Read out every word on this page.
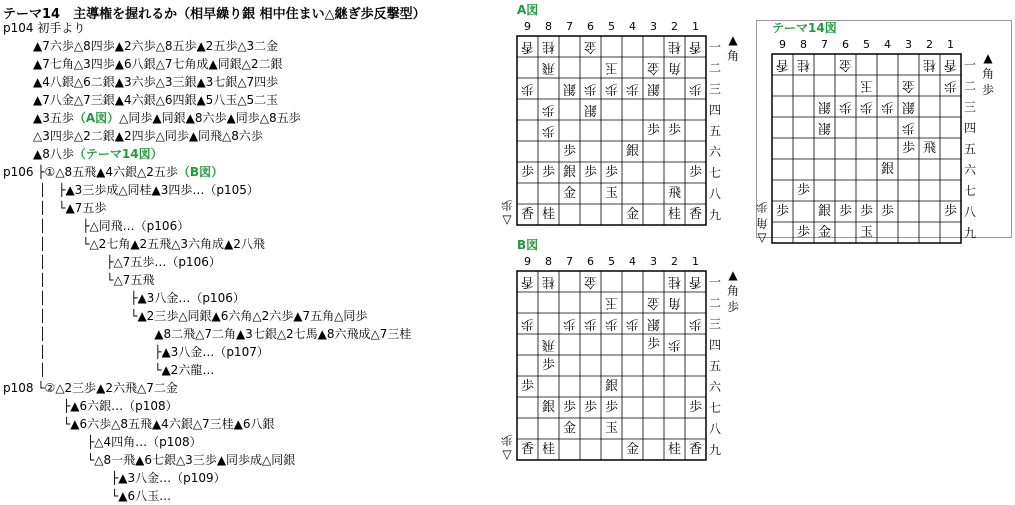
テーマ14　主導権を握れるか（相早繰り銀 相中住まい△継ぎ歩反撃型）
p104 初手より
▲7六歩△8四歩▲2六歩△8五歩▲2五歩△3二金
▲7七角△3四歩▲6八銀△7七角成▲同銀△2二銀
▲4八銀△6二銀▲3六歩△3三銀▲3七銀△7四歩
▲7八金△7三銀▲4六銀△6四銀▲5八玉△5二玉
▲3五歩（A図）△同歩▲同銀▲8六歩▲同歩△8五歩
△3四歩△2二銀▲2四歩△同歩▲同飛△8六歩
▲8八歩（テーマ14図）
p106 ├①△8五飛▲4六銀△2五歩（B図）
　　　│　├▲3三歩成△同桂▲3四歩…（p105）
　　　│　└▲7五歩
　　　│　　　├△同飛…（p106）
　　　│　　　└△2七角▲2五飛△3六角成▲2八飛
　　　│　　　　　├△7五歩…（p106）
　　　│　　　　　└△7五飛
　　　│　　　　　　　├▲3八金…（p106）
　　　│　　　　　　　└▲2三歩△同銀▲6六角△2六歩▲7五角△同歩
　　　│　　　　　　　　　▲8二飛△7二角▲3七銀△2七馬▲8六飛成△7三桂
　　　│　　　　　　　　　├▲3八金…（p107）
　　　│　　　　　　　　　└▲2六龍…
p108 └②△2三歩▲2六飛△7二金
　　　　　├▲6六銀…（p108）
　　　　　└▲6六歩△8五飛▲4六銀△7三桂▲6八銀
　　　　　　　├△4四角…（p108）
　　　　　　　└△8一飛▲6七銀△3三歩▲同歩成△同銀
　　　　　　　　　├▲3八金…（p109）
　　　　　　　　　└▲6八玉…
A図
9 8 7 6 5 4 3 2 1
一
二
三
四
五
六
七
八
九
香 桂 金	桂 香
飛	玉 金 角
歩 銀 歩 歩 歩 銀 歩
歩 銀
歩	歩 歩
歩	銀
歩 歩 銀 歩 歩	歩
金 玉	飛
香 桂	金 桂 香
▲
角
△
歩
テーマ14図
9 8 7 6 5 4 3 2 1
一
二
三
四
五
六
七
八
九
香 桂 金	桂 香
玉 金 歩
銀 歩 歩 歩 銀
銀	歩
歩 飛
銀
歩
歩 銀 歩 歩 歩	歩
歩 金 玉
▲
角
歩
△
角
歩
B図
9 8 7 6 5 4 3 2 1
一
二
三
四
五
六
七
八
九
香 桂 金	桂 香
玉 金 角
歩 歩 歩 歩 歩 銀 歩
飛	歩 歩
歩
歩	銀
銀 歩 歩 歩	歩
金 玉
香 桂	金 桂 香
▲
角
歩
△
歩
